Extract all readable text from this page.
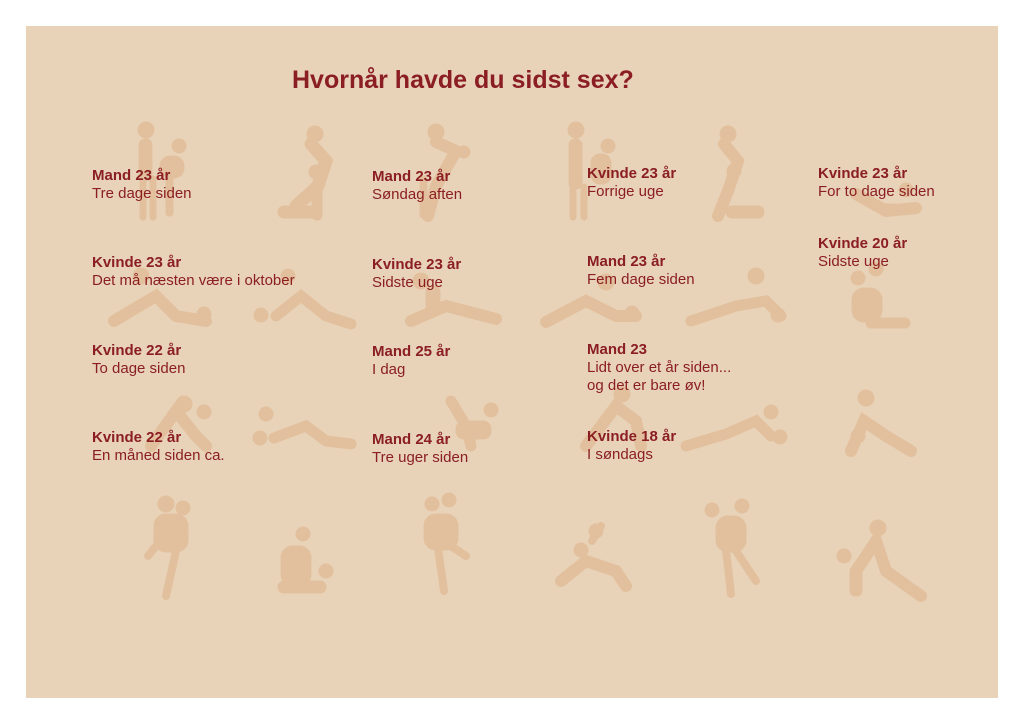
Hvornår havde du sidst sex?
Mand 23 år
Tre dage siden
Mand 23 år
Søndag aften
Kvinde 23 år
Forrige uge
Kvinde 23 år
For to dage siden
Kvinde 23 år
Det må næsten være i oktober
Kvinde 23 år
Sidste uge
Mand 23 år
Fem dage siden
Kvinde 20 år
Sidste uge
Kvinde 22 år
To dage siden
Mand 25 år
I dag
Mand 23
Lidt over et år siden...
og det er bare øv!
Kvinde 22 år
En måned siden ca.
Mand 24 år
Tre uger siden
Kvinde 18 år
I søndags
